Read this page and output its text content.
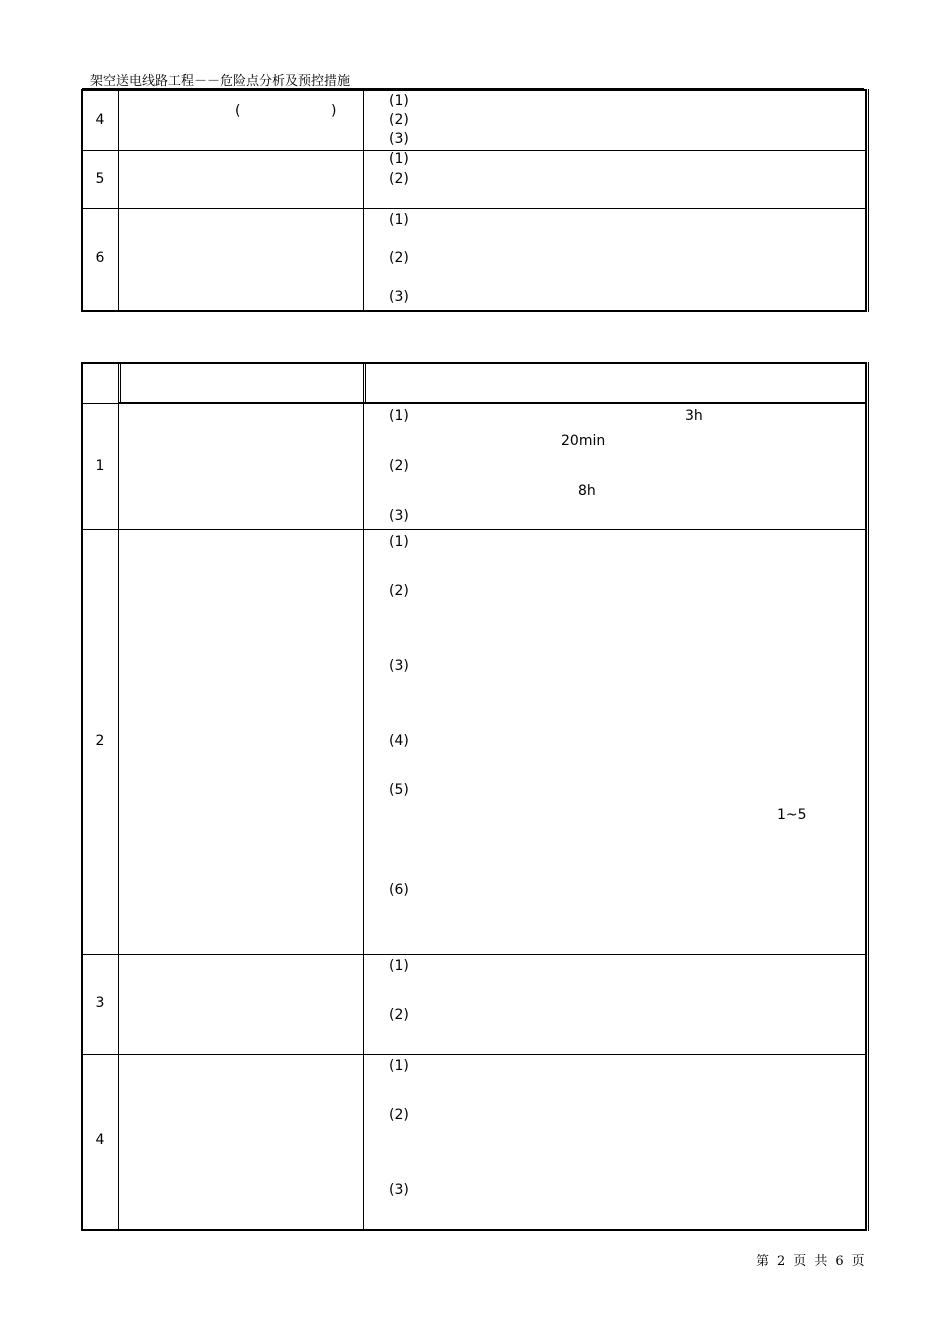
架空送电线路工程－－危险点分析及预控措施
4
(	)
(1)
(2)
(3)
5
(1)
(2)
6
(1)
(2)
(3)
1
(1)
(2)
(3)
3h
20min
8h
2
(1)
(2)
(3)
(4)
(5)
(6)
1~5
3
(1)
(2)
4
(1)
(2)
(3)
第 2 页 共 6 页
